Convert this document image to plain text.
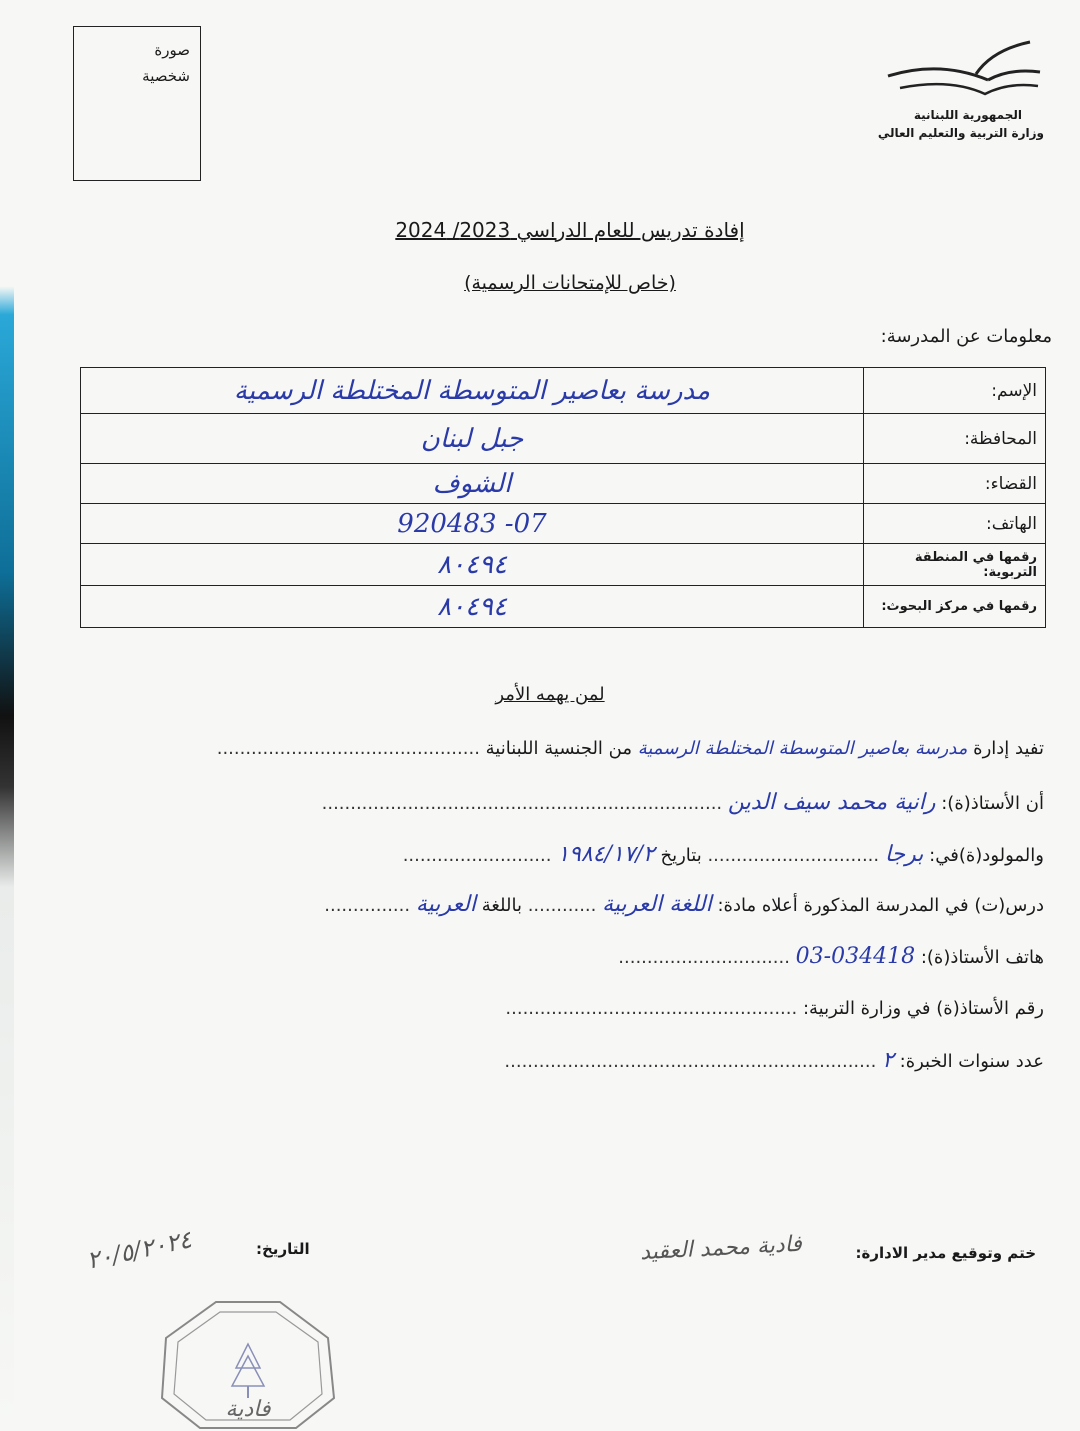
صورة
شخصية
الجمهورية اللبنانية
وزارة التربية والتعليم العالي
إفادة تدريس للعام الدراسي 2023/ 2024
(خاص للإمتحانات الرسمية)
معلومات عن المدرسة:
مدرسة بعاصير المتوسطة المختلطة الرسمية	الإسم:
جبل لبنان	المحافظة:
الشوف	القضاء:
07- 920483	الهاتف:
٨٠٤٩٤	رقمها في المنطقة التربوية:
٨٠٤٩٤	رقمها في مركز البحوث:
لمن يهمه الأمر
تفيد إدارة مدرسة بعاصير المتوسطة المختلطة الرسمية من الجنسية اللبنانية ..............................................
أن الأستاذ(ة): رانية محمد سيف الدين ......................................................................
والمولود(ة)في: برجا .............................. بتاريخ ١٩٨٤/١٧/٢ ..........................
درس(ت) في المدرسة المذكورة أعلاه مادة: اللغة العربية ............ باللغة العربية ...............
هاتف الأستاذ(ة): 03-034418 ..............................
رقم الأستاذ(ة) في وزارة التربية: ...................................................
عدد سنوات الخبرة: ٢ .................................................................
ختم وتوقيع مدير الادارة:
فادية محمد العقيد
التاريخ:
٢٠/٥/٢٠٢٤
فادية
